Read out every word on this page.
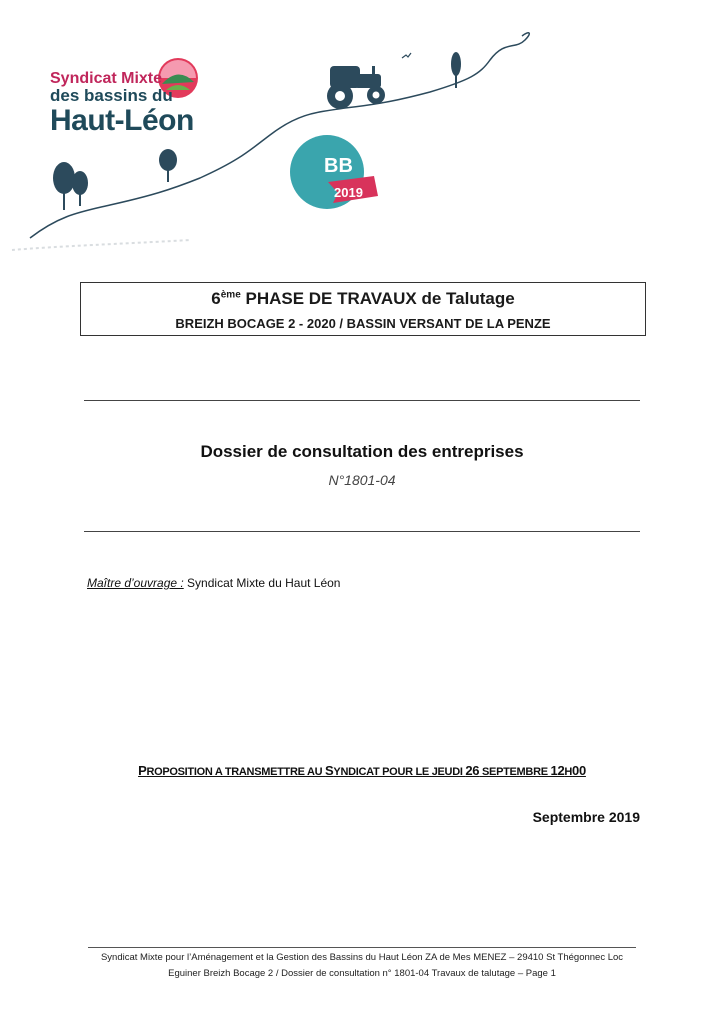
Syndicat Mixte
des bassins du
Haut-Léon
BB
2019
6ème PHASE DE TRAVAUX de Talutage
BREIZH BOCAGE 2 - 2020 / BASSIN VERSANT DE LA PENZE
Dossier de consultation des entreprises
N°1801-04
Maître d’ouvrage : Syndicat Mixte du Haut Léon
PROPOSITION A TRANSMETTRE AU SYNDICAT POUR LE JEUDI 26 SEPTEMBRE 12H00
Septembre 2019
Syndicat Mixte pour l’Aménagement et la Gestion des Bassins du Haut Léon ZA de Mes MENEZ – 29410 St Thégonnec Loc
Eguiner Breizh Bocage 2 / Dossier de consultation n° 1801-04 Travaux de talutage – Page 1
